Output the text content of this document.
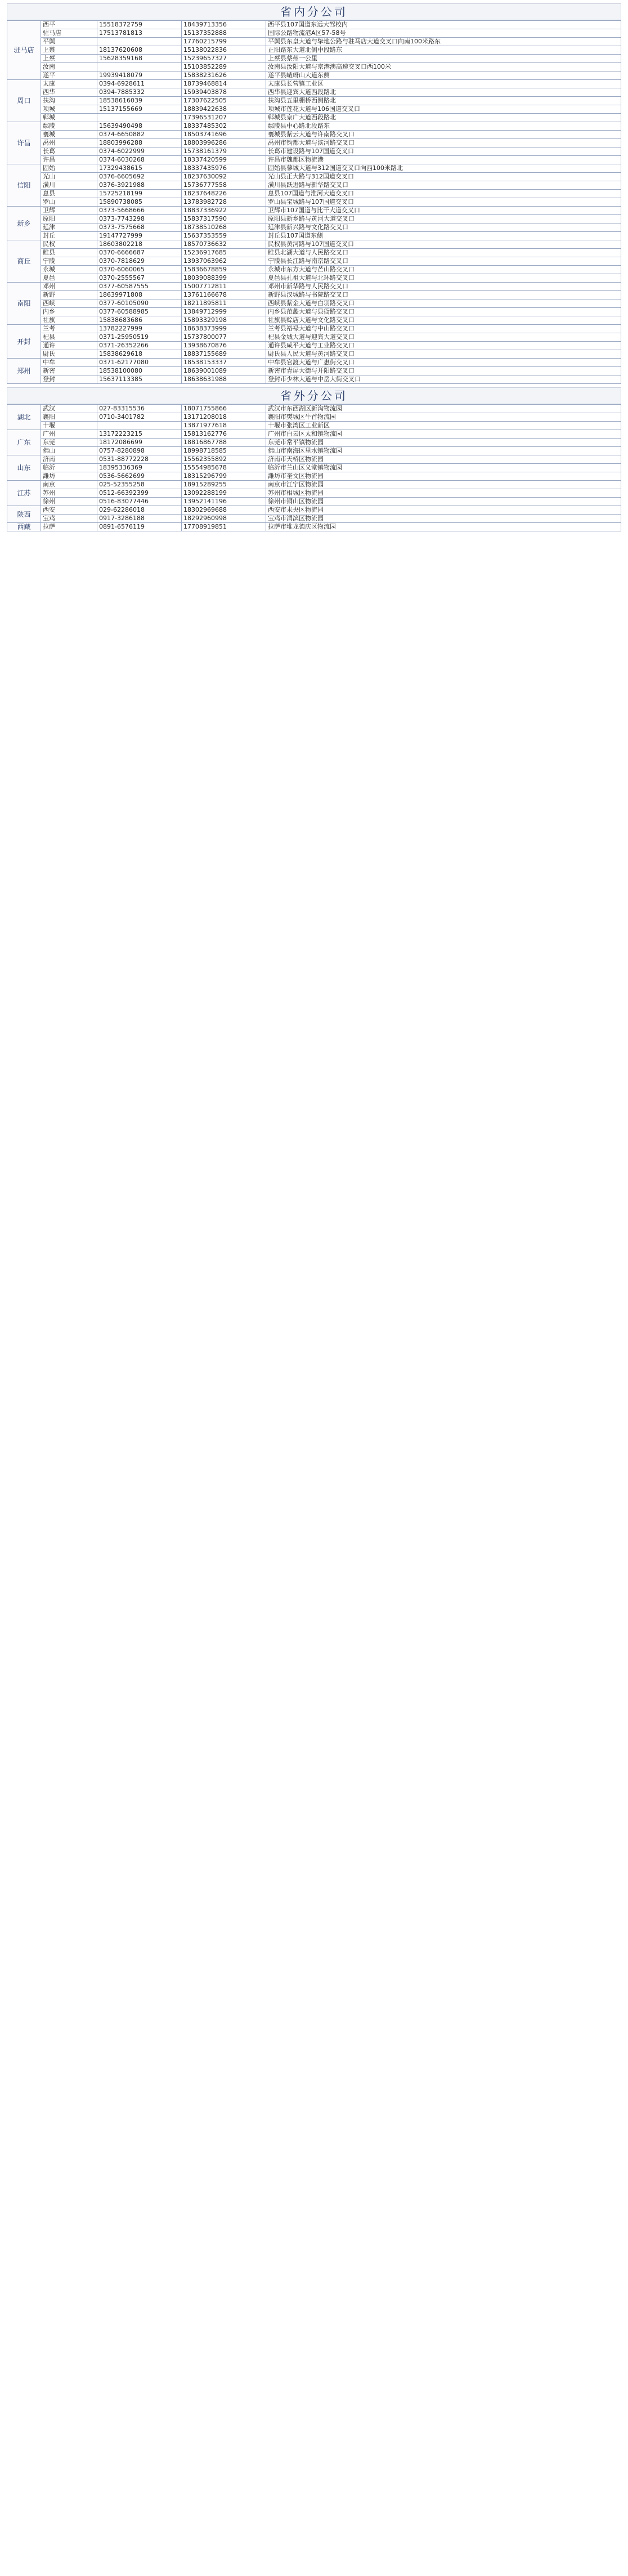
省内分公司
驻马店	西平	15518372759	18439713356	西平县107国道东远大驾校内
	驻马店	17513781813	15137352888	国际公路物流港A区57-58号
	平舆		17760215799	平舆县东皇大道与挚地公路与驻马店大道交叉口向南100米路东
	上蔡	18137620608	15138022836	正阳路东大道北侧中段路东
	上蔡	15628359168	15239657327	上蔡县蔡州一公里
	汝南		15103852289	汝南县汝阳大道与京港澳高速交叉口西100米
	遂平	19939418079	15838231626	遂平县嵖岈山大道东侧
周口	太康	0394-6928611	18739468814	太康县长营镇工业区
	西华	0394-7885332	15939403878	西华县迎宾大道西段路北
	扶沟	18538616039	17307622505	扶沟县五里棚桥西侧路北
	项城	15137155669	18839422638	项城市莲花大道与106国道交叉口
	郸城		17396531207	郸城县京广大道西段路北
许昌	鄢陵	15639490498	18337485302	鄢陵县中心路北段路东
	襄城	0374-6650882	18503741696	襄城县紫云大道与许南路交叉口
	禹州	18803996288	18803996286	禹州市钧都大道与滨河路交叉口
	长葛	0374-6022999	15738161379	长葛市建设路与107国道交叉口
	许昌	0374-6030268	18337420599	许昌市魏都区物流港
信阳	固始	17329438615	18337435976	固始县蓼城大道与312国道交叉口向西100米路北
	光山	0376-6605692	18237630092	光山县正大路与312国道交叉口
	潢川	0376-3921988	15736777558	潢川县跃进路与新华路交叉口
	息县	15725218199	18237648226	息县107国道与淮河大道交叉口
	罗山	15890738085	13783982728	罗山县宝城路与107国道交叉口
新乡	卫辉	0373-5668666	18837336922	卫辉市107国道与比干大道交叉口
	原阳	0373-7743298	15837317590	原阳县新乡路与黄河大道交叉口
	延津	0373-7575668	18738510268	延津县新兴路与文化路交叉口
	封丘	19147727999	15637353559	封丘县107国道东侧
商丘	民权	18603802218	18570736632	民权县黄河路与107国道交叉口
	睢县	0370-6666687	15236917685	睢县北湖大道与人民路交叉口
	宁陵	0370-7818629	13937063962	宁陵县长江路与南京路交叉口
	永城	0370-6060065	15836678859	永城市东方大道与芒山路交叉口
	夏邑	0370-2555567	18039088399	夏邑县孔祖大道与北环路交叉口
南阳	邓州	0377-60587555	15007712811	邓州市新华路与人民路交叉口
	新野	18639971808	13761166678	新野县汉城路与书院路交叉口
	西峡	0377-60105090	18211895811	西峡县紫金大道与白羽路交叉口
	内乡	0377-60588985	13849712999	内乡县范蠡大道与县衙路交叉口
	社旗	15838683686	15893329198	社旗县赊店大道与文化路交叉口
开封	兰考	13782227999	18638373999	兰考县裕禄大道与中山路交叉口
	杞县	0371-25950519	15737800077	杞县金城大道与迎宾大道交叉口
	通许	0371-26352266	13938670876	通许县咸平大道与工业路交叉口
	尉氏	15838629618	18837155689	尉氏县人民大道与黄河路交叉口
郑州	中牟	0371-62177080	18538153337	中牟县官渡大道与广惠街交叉口
	新密	18538100080	18639001089	新密市青屏大街与开阳路交叉口
	登封	15637113385	18638631988	登封市少林大道与中岳大街交叉口
省外分公司
湖北	武汉	027-83315536	18071755866	武汉市东西湖区新沟物流园
	襄阳	0710-3401782	13171208018	襄阳市樊城区牛首物流园
	十堰		13871977618	十堰市张湾区工业新区
广东	广州	13172223215	15813162776	广州市白云区太和镇物流园
	东莞	18172086699	18816867788	东莞市常平镇物流园
	佛山	0757-8280898	18998718585	佛山市南海区里水镇物流园
山东	济南	0531-88772228	15562355892	济南市天桥区物流园
	临沂	18395336369	15554985678	临沂市兰山区义堂镇物流园
	潍坊	0536-5662699	18315296799	潍坊市奎文区物流园
江苏	南京	025-52355258	18915289255	南京市江宁区物流园
	苏州	0512-66392399	13092288199	苏州市相城区物流园
	徐州	0516-83077446	13952141196	徐州市铜山区物流园
陕西	西安	029-62286018	18302969688	西安市未央区物流园
	宝鸡	0917-3286188	18292960998	宝鸡市渭滨区物流园
西藏	拉萨	0891-6576119	17708919851	拉萨市堆龙德庆区物流园
